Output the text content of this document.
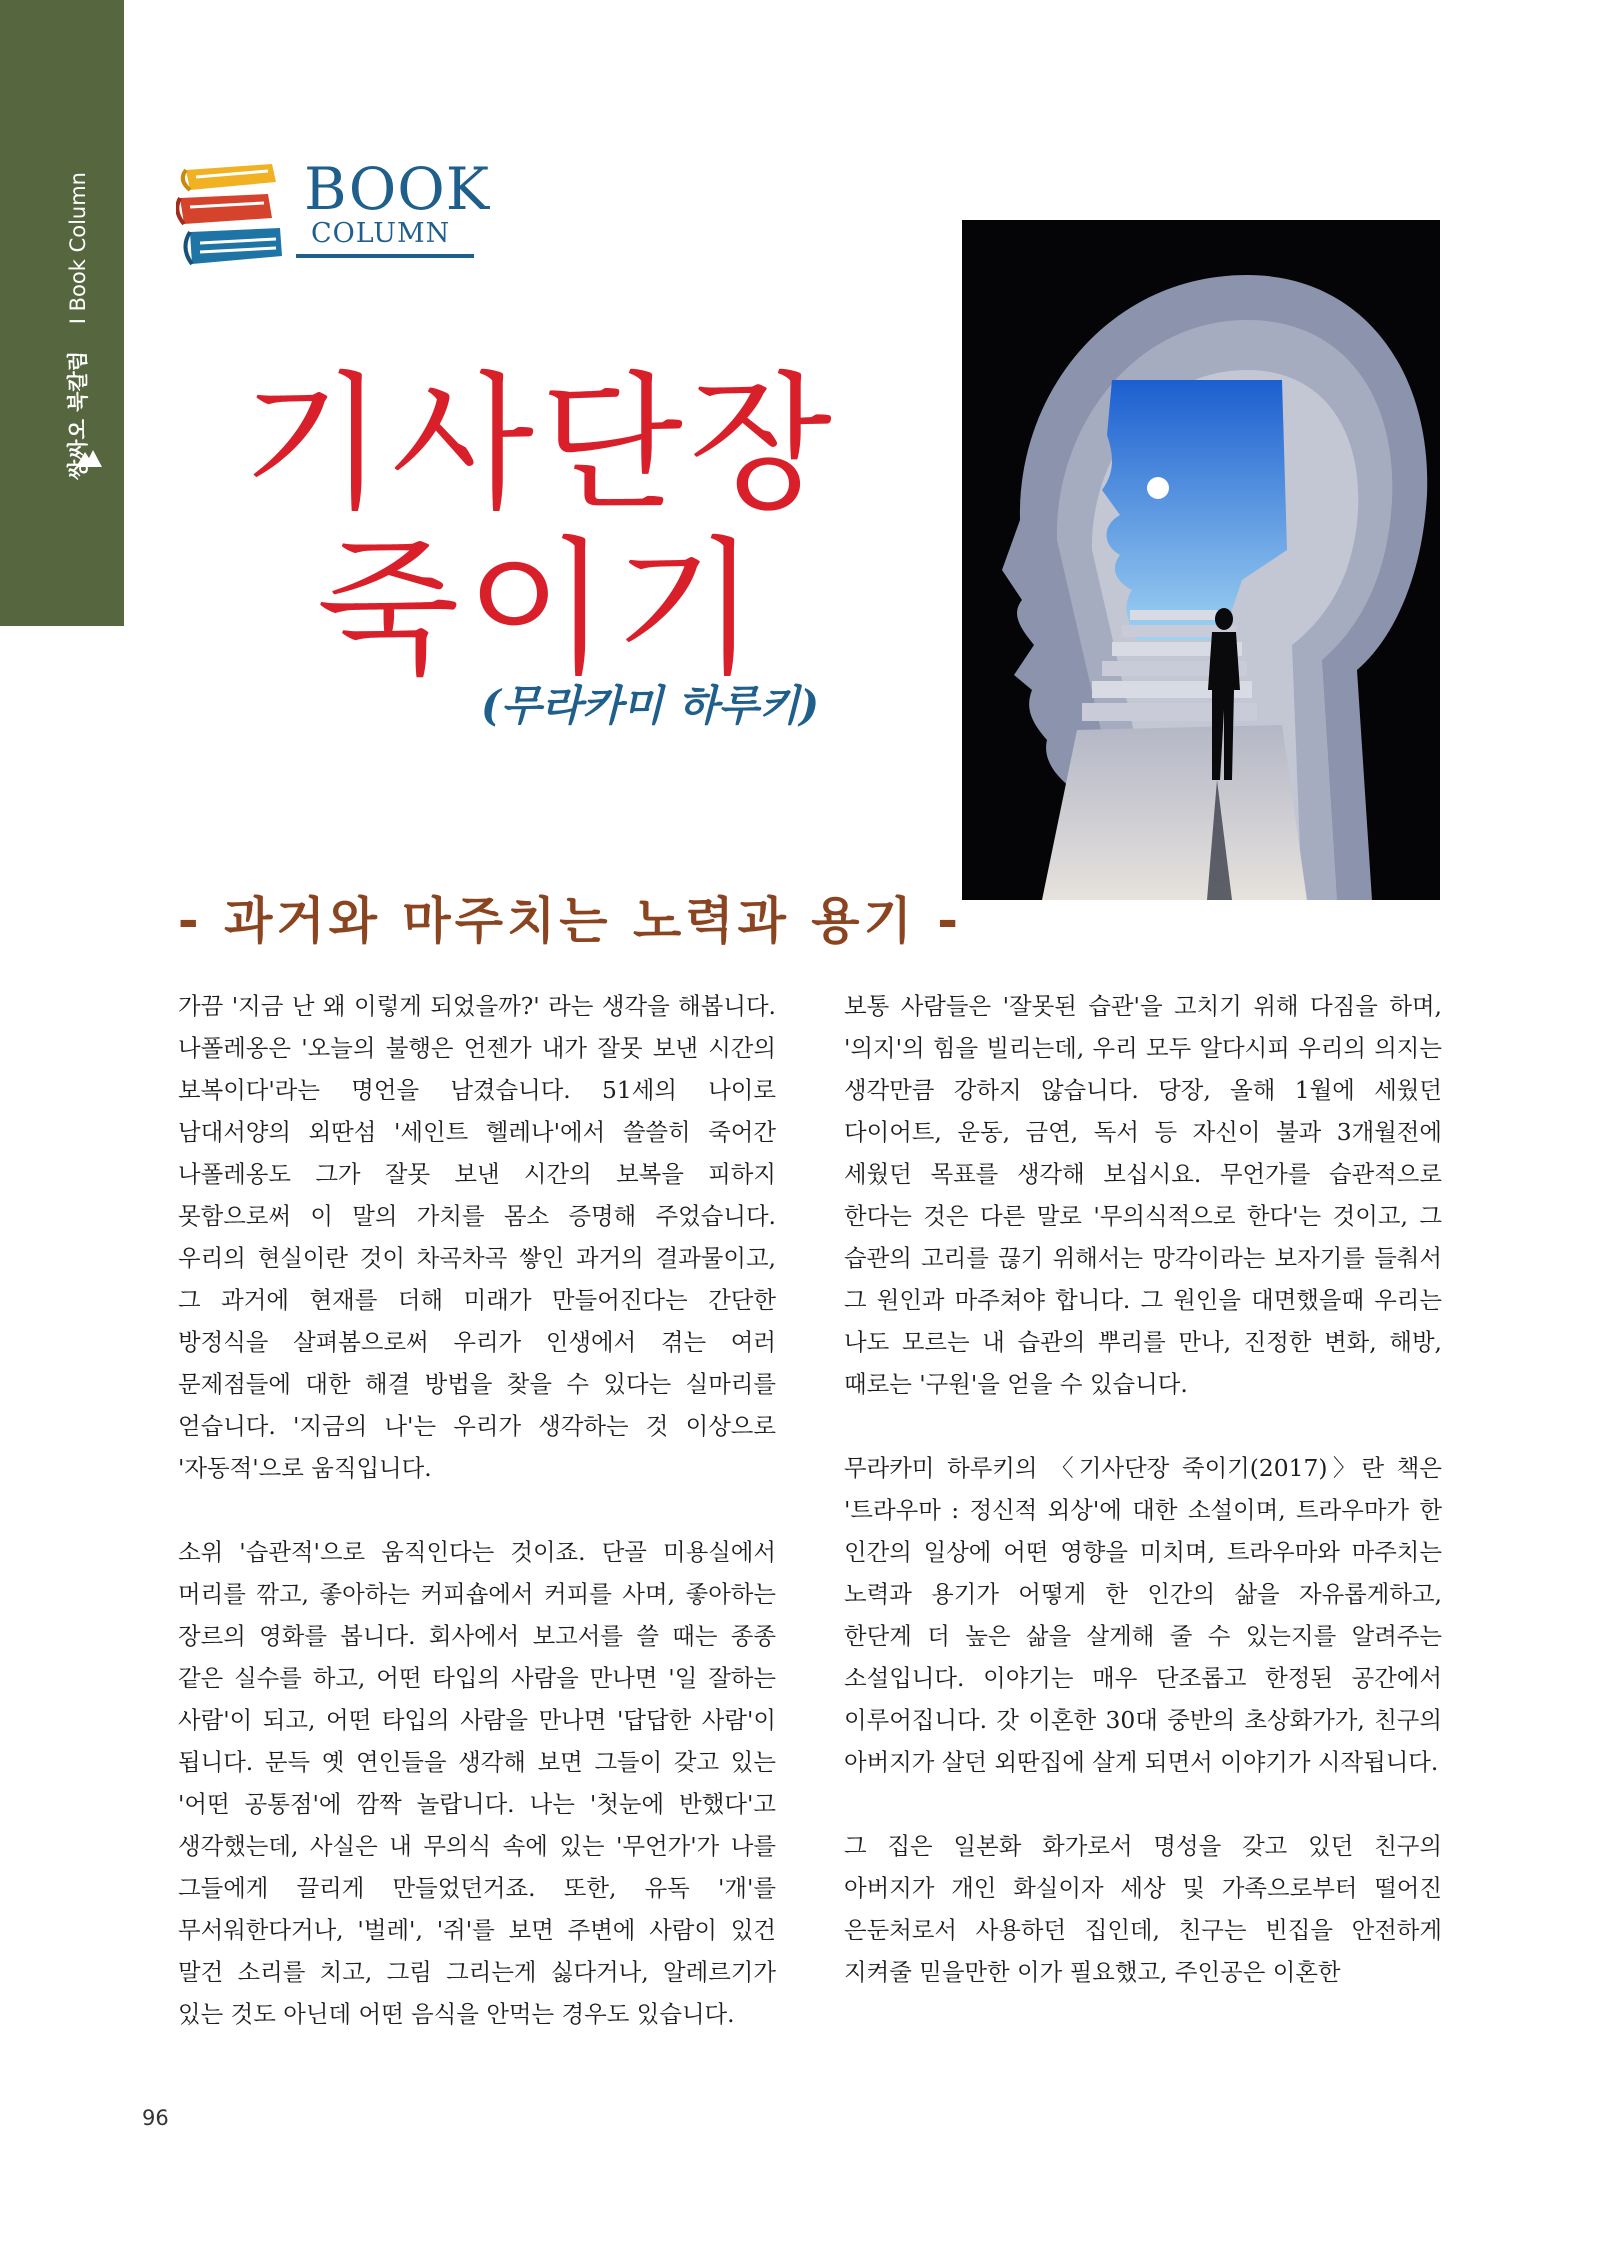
쌍싸오 북칼럼    I Book Column	BOOK
COLUMN
기사단장
죽이기
(무라카미 하루키)
- 과거와 마주치는 노력과 용기 -

가끔 '지금 난 왜 이렇게 되었을까?' 라는 생각을 해봅니다. 나폴레옹은 '오늘의 불행은 언젠가 내가 잘못 보낸 시간의 보복이다'라는 명언을 남겼습니다. 51세의 나이로 남대서양의 외딴섬 '세인트 헬레나'에서 쓸쓸히 죽어간 나폴레옹도 그가 잘못 보낸 시간의 보복을 피하지 못함으로써 이 말의 가치를 몸소 증명해 주었습니다. 우리의 현실이란 것이 차곡차곡 쌓인 과거의 결과물이고, 그 과거에 현재를 더해 미래가 만들어진다는 간단한 방정식을 살펴봄으로써 우리가 인생에서 겪는 여러 문제점들에 대한 해결 방법을 찾을 수 있다는 실마리를 얻습니다. '지금의 나'는 우리가 생각하는 것 이상으로 '자동적'으로 움직입니다.

소위 '습관적'으로 움직인다는 것이죠. 단골 미용실에서 머리를 깎고, 좋아하는 커피숍에서 커피를 사며, 좋아하는 장르의 영화를 봅니다. 회사에서 보고서를 쓸 때는 종종 같은 실수를 하고, 어떤 타입의 사람을 만나면 '일 잘하는 사람'이 되고, 어떤 타입의 사람을 만나면 '답답한 사람'이 됩니다. 문득 옛 연인들을 생각해 보면 그들이 갖고 있는 '어떤 공통점'에 깜짝 놀랍니다. 나는 '첫눈에 반했다'고 생각했는데, 사실은 내 무의식 속에 있는 '무언가'가 나를 그들에게 끌리게 만들었던거죠. 또한, 유독 '개'를 무서워한다거나, '벌레', '쥐'를 보면 주변에 사람이 있건 말건 소리를 치고, 그림 그리는게 싫다거나, 알레르기가 있는 것도 아닌데 어떤 음식을 안먹는 경우도 있습니다.

보통 사람들은 '잘못된 습관'을 고치기 위해 다짐을 하며, '의지'의 힘을 빌리는데, 우리 모두 알다시피 우리의 의지는 생각만큼 강하지 않습니다. 당장, 올해 1월에 세웠던 다이어트, 운동, 금연, 독서 등 자신이 불과 3개월전에 세웠던 목표를 생각해 보십시요. 무언가를 습관적으로 한다는 것은 다른 말로 '무의식적으로 한다'는 것이고, 그 습관의 고리를 끊기 위해서는 망각이라는 보자기를 들춰서 그 원인과 마주쳐야 합니다. 그 원인을 대면했을때 우리는 나도 모르는 내 습관의 뿌리를 만나, 진정한 변화, 해방, 때로는 '구원'을 얻을 수 있습니다.

무라카미 하루키의 〈기사단장 죽이기(2017)〉란 책은 '트라우마 : 정신적 외상'에 대한 소설이며, 트라우마가 한 인간의 일상에 어떤 영향을 미치며, 트라우마와 마주치는 노력과 용기가 어떻게 한 인간의 삶을 자유롭게하고, 한단계 더 높은 삶을 살게해 줄 수 있는지를 알려주는 소설입니다. 이야기는 매우 단조롭고 한정된 공간에서 이루어집니다. 갓 이혼한 30대 중반의 초상화가가, 친구의 아버지가 살던 외딴집에 살게 되면서 이야기가 시작됩니다.

그 집은 일본화 화가로서 명성을 갖고 있던 친구의 아버지가 개인 화실이자 세상 및 가족으로부터 떨어진 은둔처로서 사용하던 집인데, 친구는 빈집을 안전하게 지켜줄 믿을만한 이가 필요했고, 주인공은 이혼한

96
